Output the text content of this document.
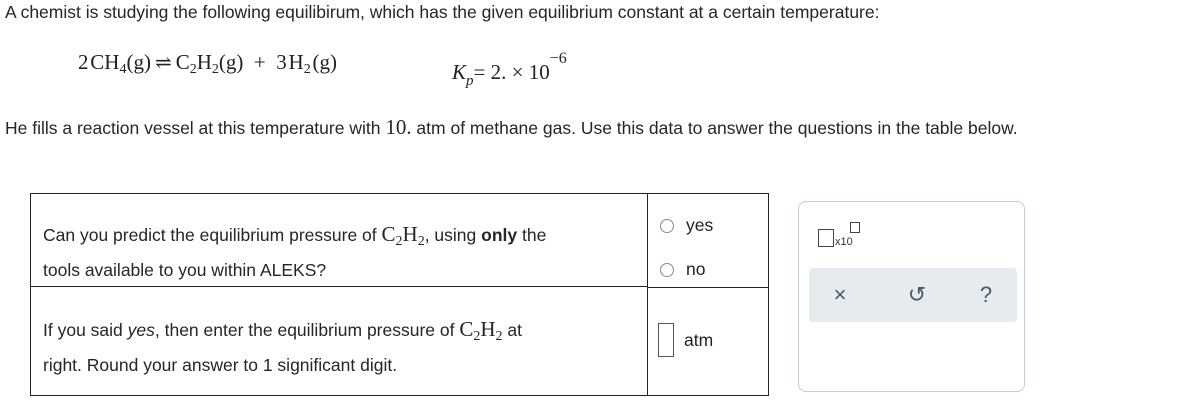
A chemist is studying the following equilibirum, which has the given equilibrium constant at a certain temperature:
2 $CH_4(g)$ ⇌ $C_2H_2(g) + 3$ $H_2$ (g)	$K_p= 2$. × $10^{-6}$
He fills a reaction vessel at this temperature with 10. atm of methane gas. Use this data to answer the questions in the table below.
Can you predict the equilibrium pressure of $C_2H_2$, using only the
tools available to you within ALEKS?
If you said yes, then enter the equilibrium pressure of $C_2H_2$ at
right. Round your answer to 1 significant digit.
yes
no
atm
x10
×	↺ ?
